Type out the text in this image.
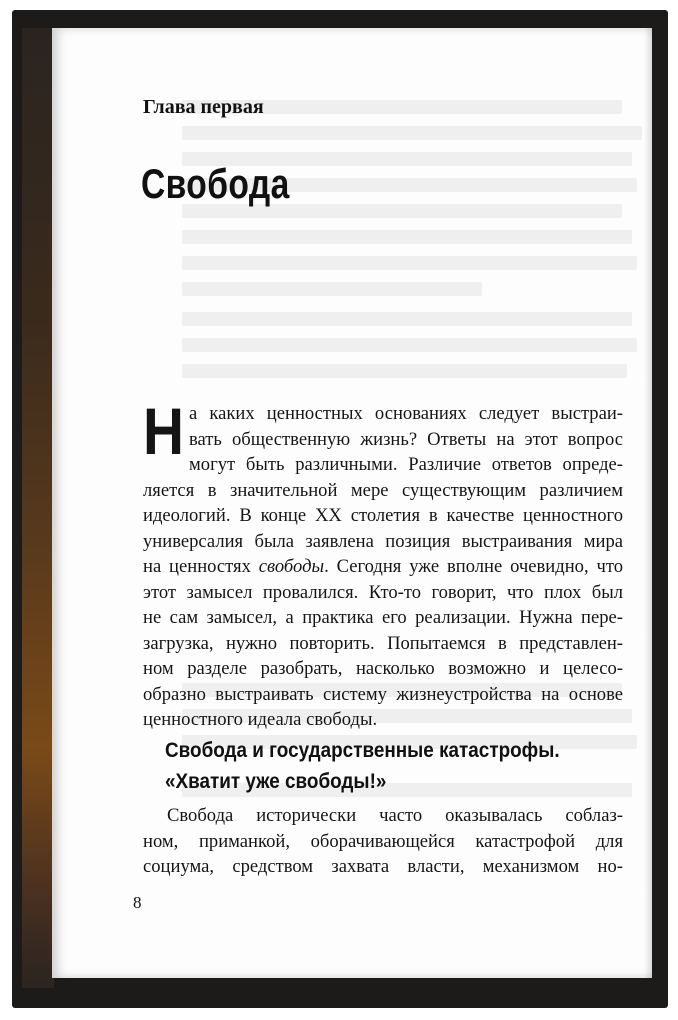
Глава первая
Свобода
Н а каких ценностных основаниях следует выстраи-
вать общественную жизнь? Ответы на этот вопрос
могут быть различными. Различие ответов опреде-
ляется в значительной мере существующим различием
идеологий. В конце XX столетия в качестве ценностного
универсалия была заявлена позиция выстраивания мира
на ценностях свободы. Сегодня уже вполне очевидно, что
этот замысел провалился. Кто-то говорит, что плох был
не сам замысел, а практика его реализации. Нужна пере-
загрузка, нужно повторить. Попытаемся в представлен-
ном разделе разобрать, насколько возможно и целесо-
образно выстраивать систему жизнеустройства на основе
ценностного идеала свободы.
Свобода и государственные катастрофы.
«Хватит уже свободы!»
Свобода исторически часто оказывалась соблаз-
ном, приманкой, оборачивающейся катастрофой для
социума, средством захвата власти, механизмом но-
8
